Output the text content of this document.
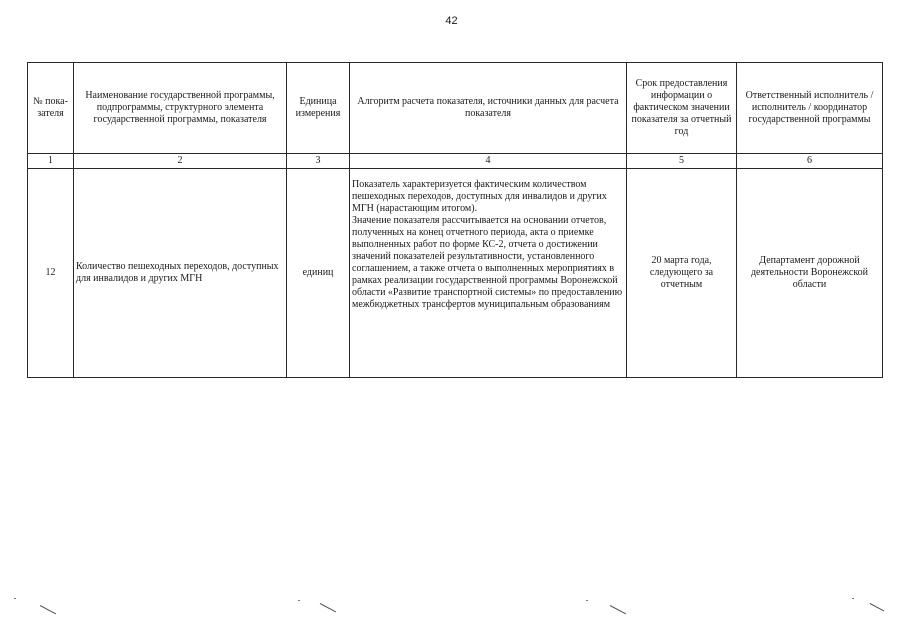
42
№ пока-
зателя	Наименование государственной программы, подпрограммы, структурного элемента государственной программы, показателя	Единица измерения	Алгоритм расчета показателя, источники данных для расчета показателя	Срок предоставления информации о фактическом значении показателя за отчетный год	Ответственный исполнитель / исполнитель / координатор государственной программы
1	2	3	4	5	6
12	Количество пешеходных переходов, доступных для инвалидов и других МГН	единиц	Показатель характеризуется фактическим количеством пешеходных переходов, доступных для инвалидов и других МГН (нарастающим итогом).

Значение показателя рассчитывается на основании отчетов, полученных на конец отчетного периода, акта о приемке выполненных работ по форме КС-2, отчета о достижении значений показателей результативности, установленного соглашением, а также отчета о выполненных мероприятиях в рамках реализации государственной программы Воронежской области «Развитие транспортной системы» по предоставлению межбюджетных трансфертов муниципальным образованиям	20 марта года, следующего за отчетным	Департамент дорожной деятельности Воронежской области
